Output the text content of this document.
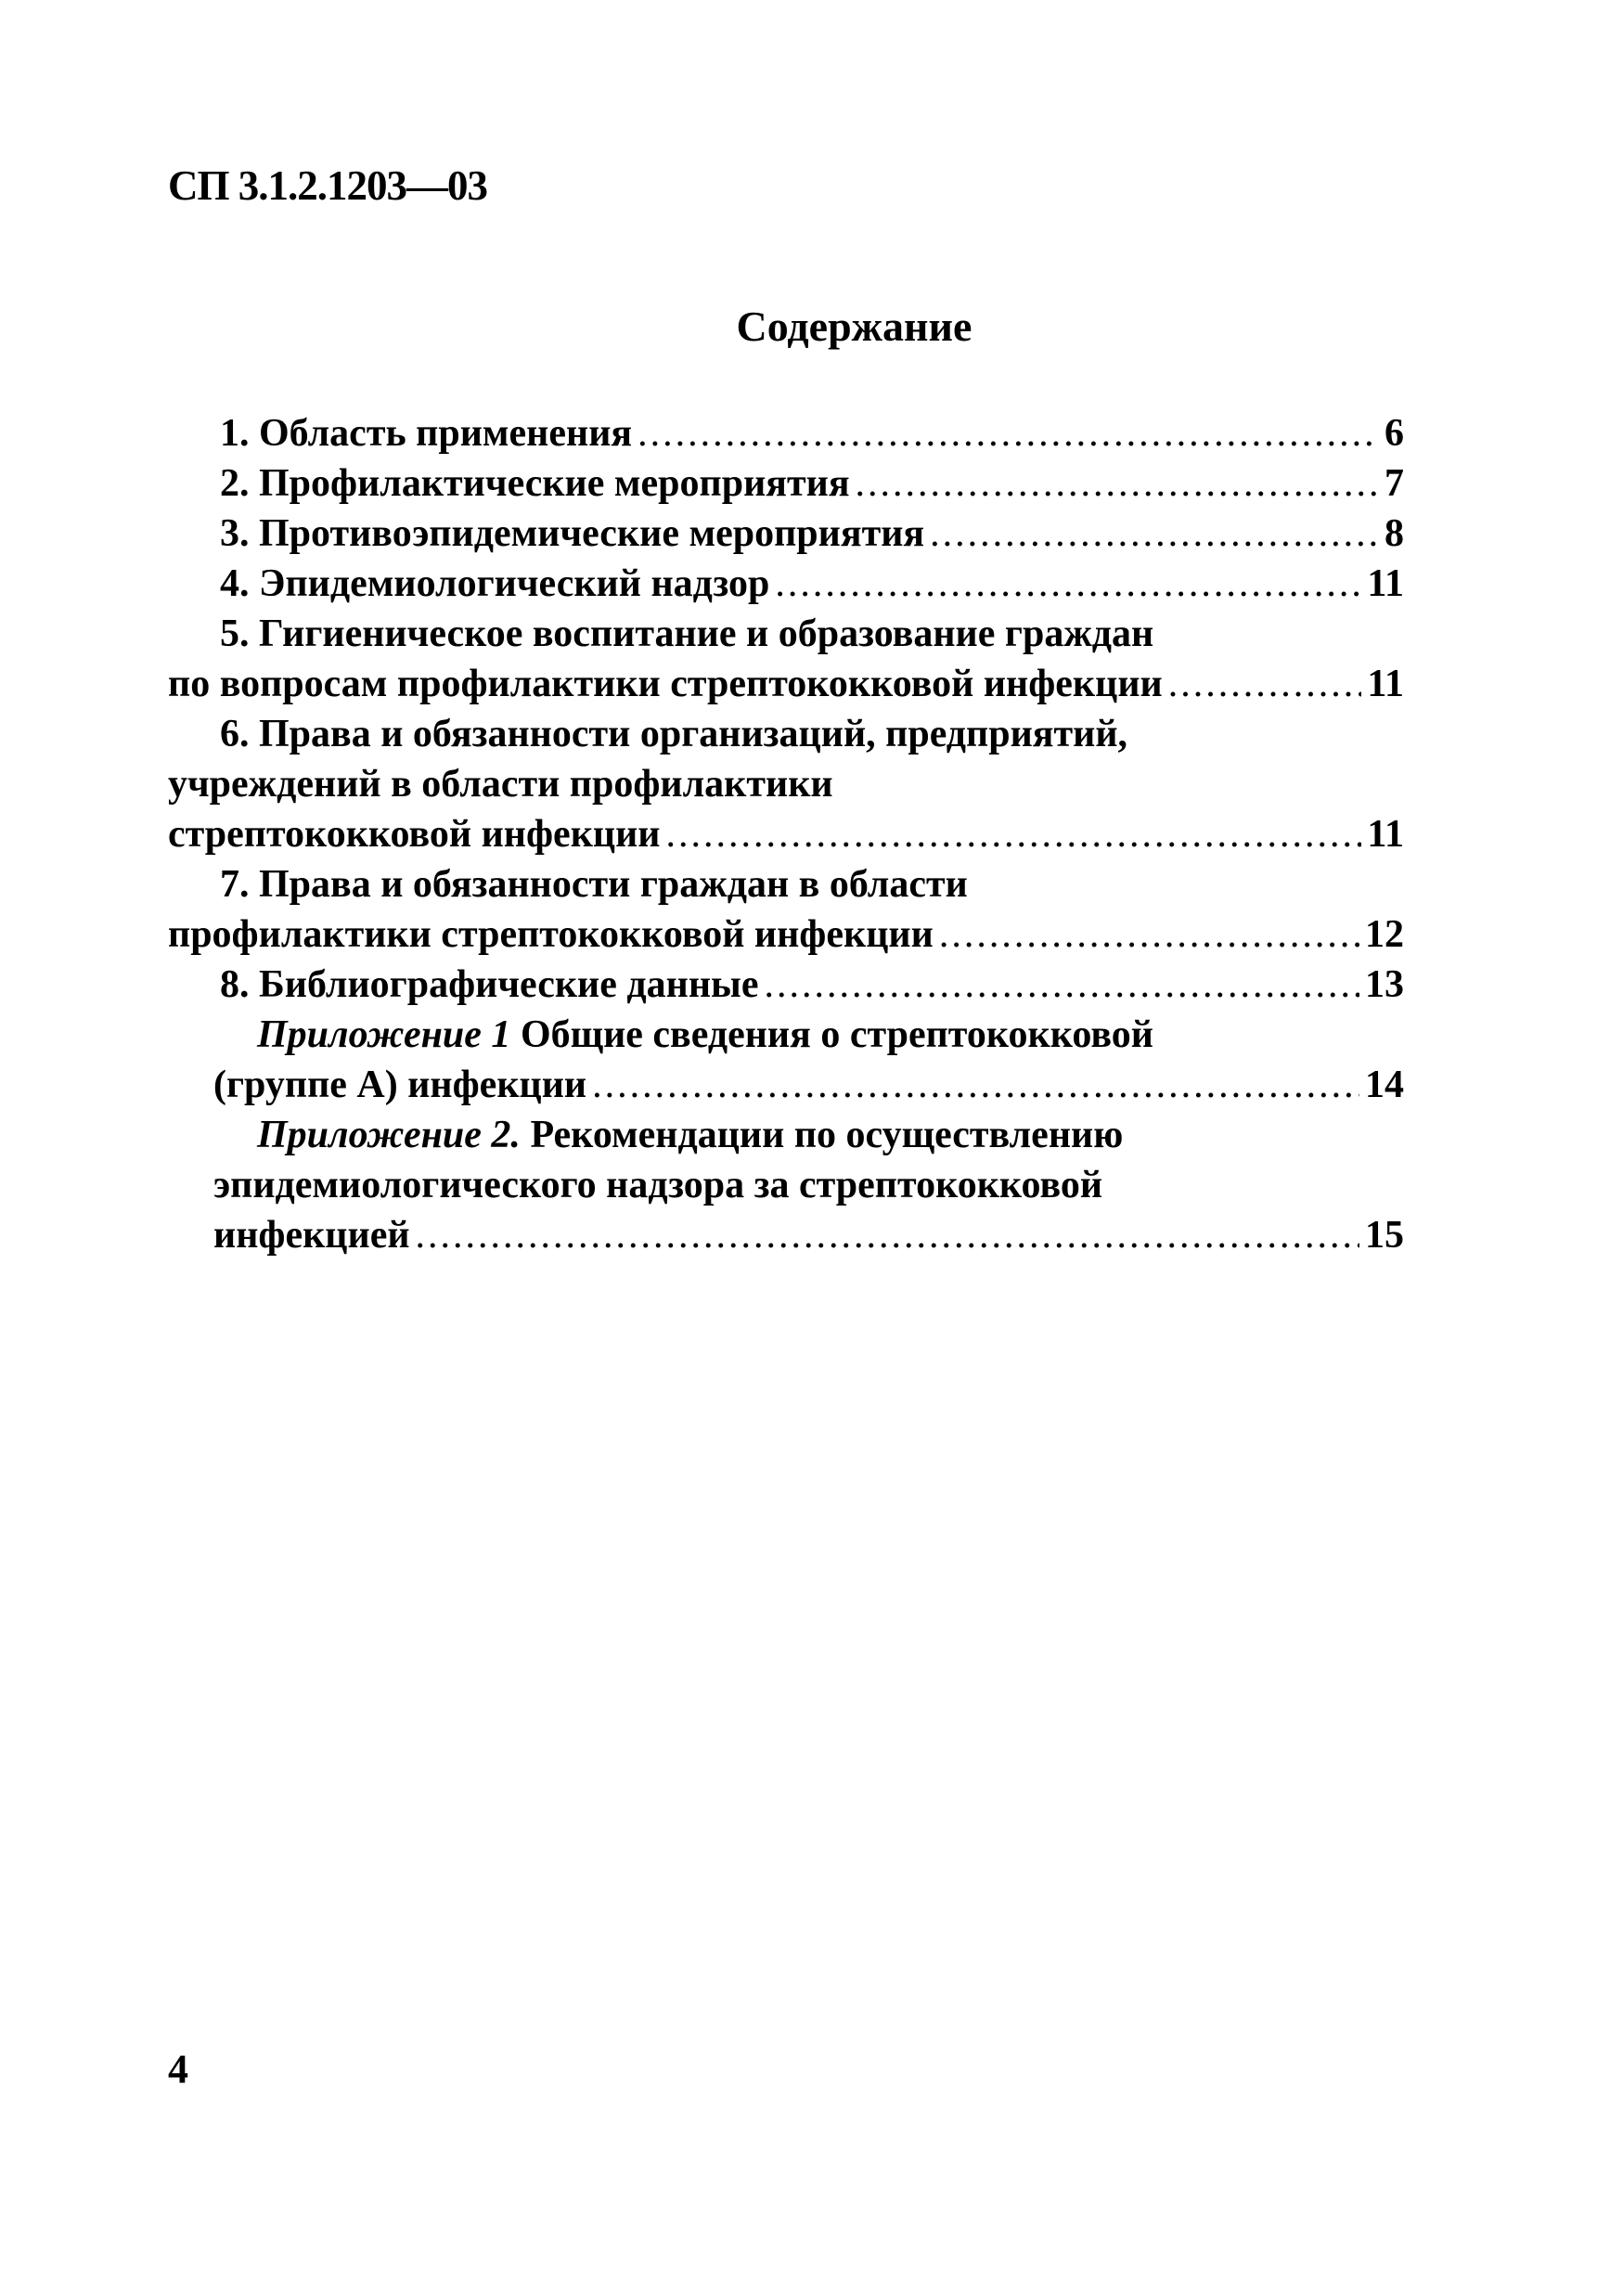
СП 3.1.2.1203—03
Содержание
1. Область применения .....	6
2. Профилактические мероприятия .....	7
3. Противоэпидемические мероприятия .....	8
4. Эпидемиологический надзор .....	11
5. Гигиеническое воспитание и образование граждан
по вопросам профилактики стрептококковой инфекции .....	11
6. Права и обязанности организаций, предприятий,
учреждений в области профилактики
стрептококковой инфекции .....	11
7. Права и обязанности граждан в области
профилактики стрептококковой инфекции .....	12
8. Библиографические данные .....	13
Приложение 1 Общие сведения о стрептококковой
(группе А) инфекции .....	14
Приложение 2. Рекомендации по осуществлению
эпидемиологического надзора за стрептококковой
инфекцией .....	15
4
